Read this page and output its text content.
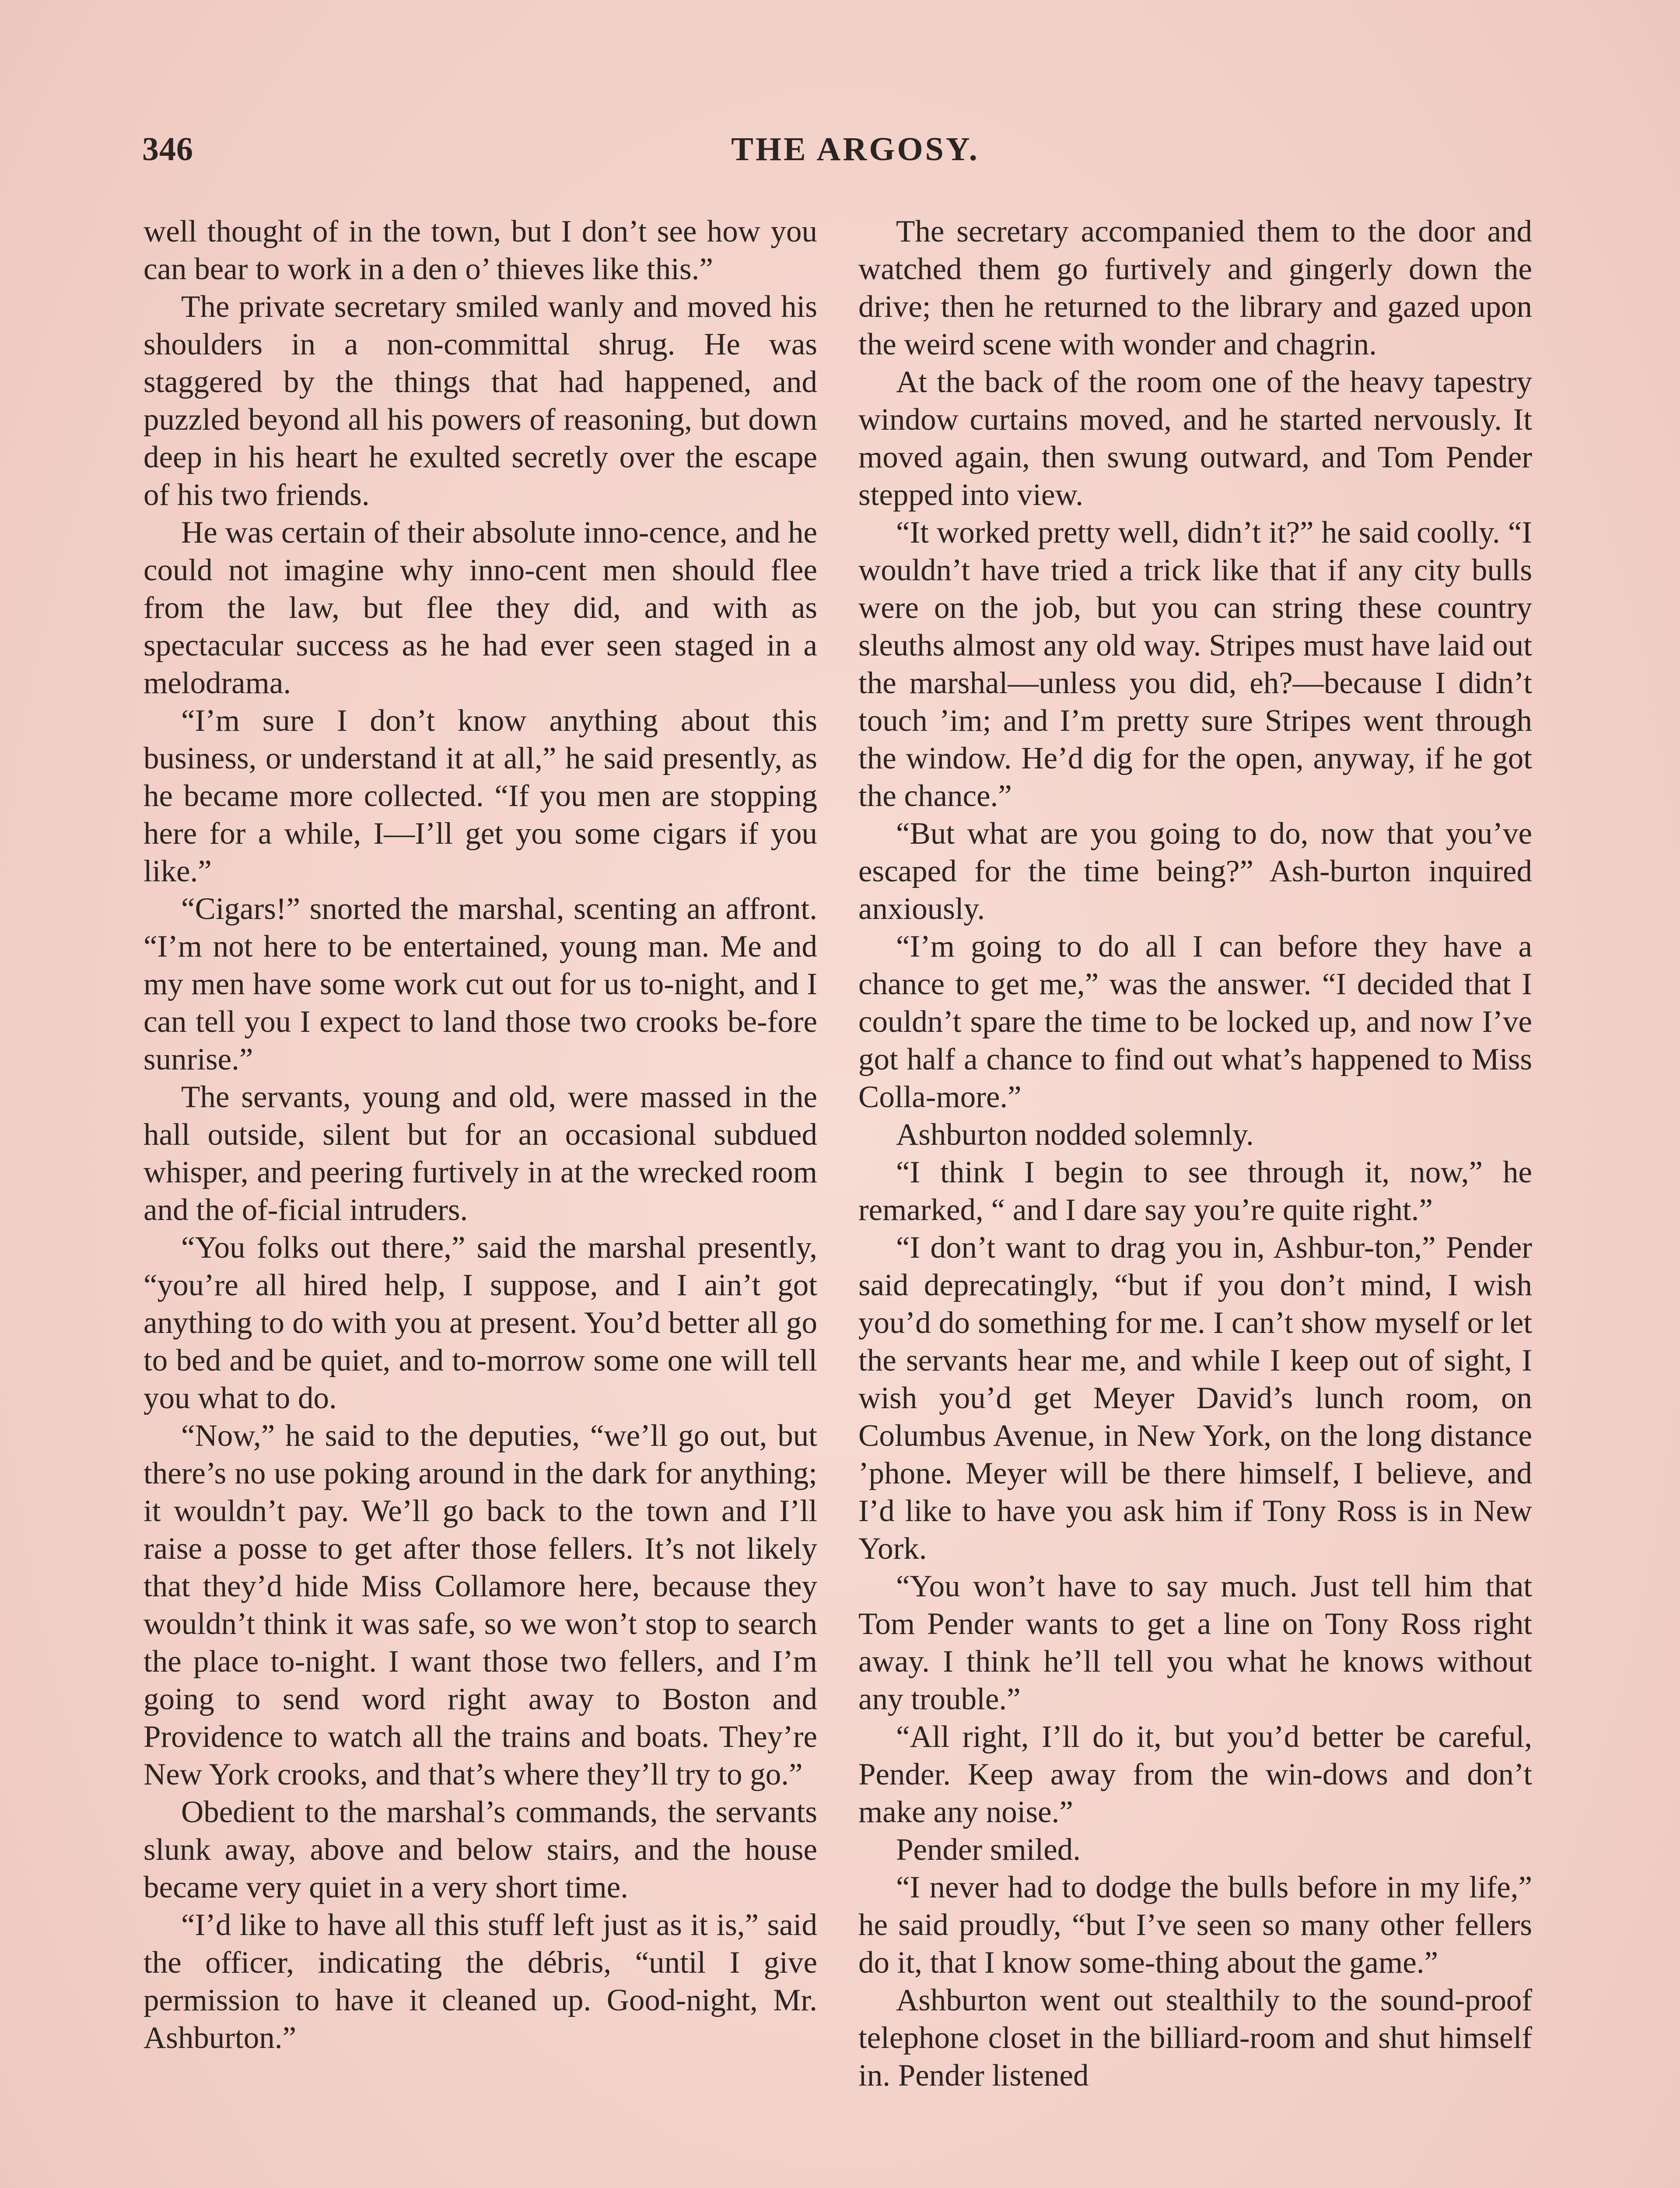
346	THE ARGOSY.

well thought of in the town, but I don’t see how you can bear to work in a den o’ thieves like this.”

The private secretary smiled wanly and moved his shoulders in a non-committal shrug. He was staggered by the things that had happened, and puzzled beyond all his powers of reasoning, but down deep in his heart he exulted secretly over the escape of his two friends.

He was certain of their absolute inno-cence, and he could not imagine why inno-cent men should flee from the law, but flee they did, and with as spectacular success as he had ever seen staged in a melodrama.

“I’m sure I don’t know anything about this business, or understand it at all,” he said presently, as he became more collected. “If you men are stopping here for a while, I—I’ll get you some cigars if you like.”

“Cigars!” snorted the marshal, scenting an affront. “I’m not here to be entertained, young man. Me and my men have some work cut out for us to-night, and I can tell you I expect to land those two crooks be-fore sunrise.”

The servants, young and old, were massed in the hall outside, silent but for an occasional subdued whisper, and peering furtively in at the wrecked room and the of-ficial intruders.

“You folks out there,” said the marshal presently, “you’re all hired help, I suppose, and I ain’t got anything to do with you at present. You’d better all go to bed and be quiet, and to-morrow some one will tell you what to do.

“Now,” he said to the deputies, “we’ll go out, but there’s no use poking around in the dark for anything; it wouldn’t pay. We’ll go back to the town and I’ll raise a posse to get after those fellers. It’s not likely that they’d hide Miss Collamore here, because they wouldn’t think it was safe, so we won’t stop to search the place to-night. I want those two fellers, and I’m going to send word right away to Boston and Providence to watch all the trains and boats. They’re New York crooks, and that’s where they’ll try to go.”

Obedient to the marshal’s commands, the servants slunk away, above and below stairs, and the house became very quiet in a very short time.

“I’d like to have all this stuff left just as it is,” said the officer, indicating the débris, “until I give permission to have it cleaned up. Good-night, Mr. Ashburton.”

The secretary accompanied them to the door and watched them go furtively and gingerly down the drive; then he returned to the library and gazed upon the weird scene with wonder and chagrin.

At the back of the room one of the heavy tapestry window curtains moved, and he started nervously. It moved again, then swung outward, and Tom Pender stepped into view.

“It worked pretty well, didn’t it?” he said coolly. “I wouldn’t have tried a trick like that if any city bulls were on the job, but you can string these country sleuths almost any old way. Stripes must have laid out the marshal—unless you did, eh?—because I didn’t touch ’im; and I’m pretty sure Stripes went through the window. He’d dig for the open, anyway, if he got the chance.”

“But what are you going to do, now that you’ve escaped for the time being?” Ash-burton inquired anxiously.

“I’m going to do all I can before they have a chance to get me,” was the answer. “I decided that I couldn’t spare the time to be locked up, and now I’ve got half a chance to find out what’s happened to Miss Colla-more.”

Ashburton nodded solemnly.

“I think I begin to see through it, now,” he remarked, “ and I dare say you’re quite right.”

“I don’t want to drag you in, Ashbur-ton,” Pender said deprecatingly, “but if you don’t mind, I wish you’d do something for me. I can’t show myself or let the servants hear me, and while I keep out of sight, I wish you’d get Meyer David’s lunch room, on Columbus Avenue, in New York, on the long distance ’phone. Meyer will be there himself, I believe, and I’d like to have you ask him if Tony Ross is in New York.

“You won’t have to say much. Just tell him that Tom Pender wants to get a line on Tony Ross right away. I think he’ll tell you what he knows without any trouble.”

“All right, I’ll do it, but you’d better be careful, Pender. Keep away from the win-dows and don’t make any noise.”

Pender smiled.

“I never had to dodge the bulls before in my life,” he said proudly, “but I’ve seen so many other fellers do it, that I know some-thing about the game.”

Ashburton went out stealthily to the sound-proof telephone closet in the billiard-room and shut himself in. Pender listened
